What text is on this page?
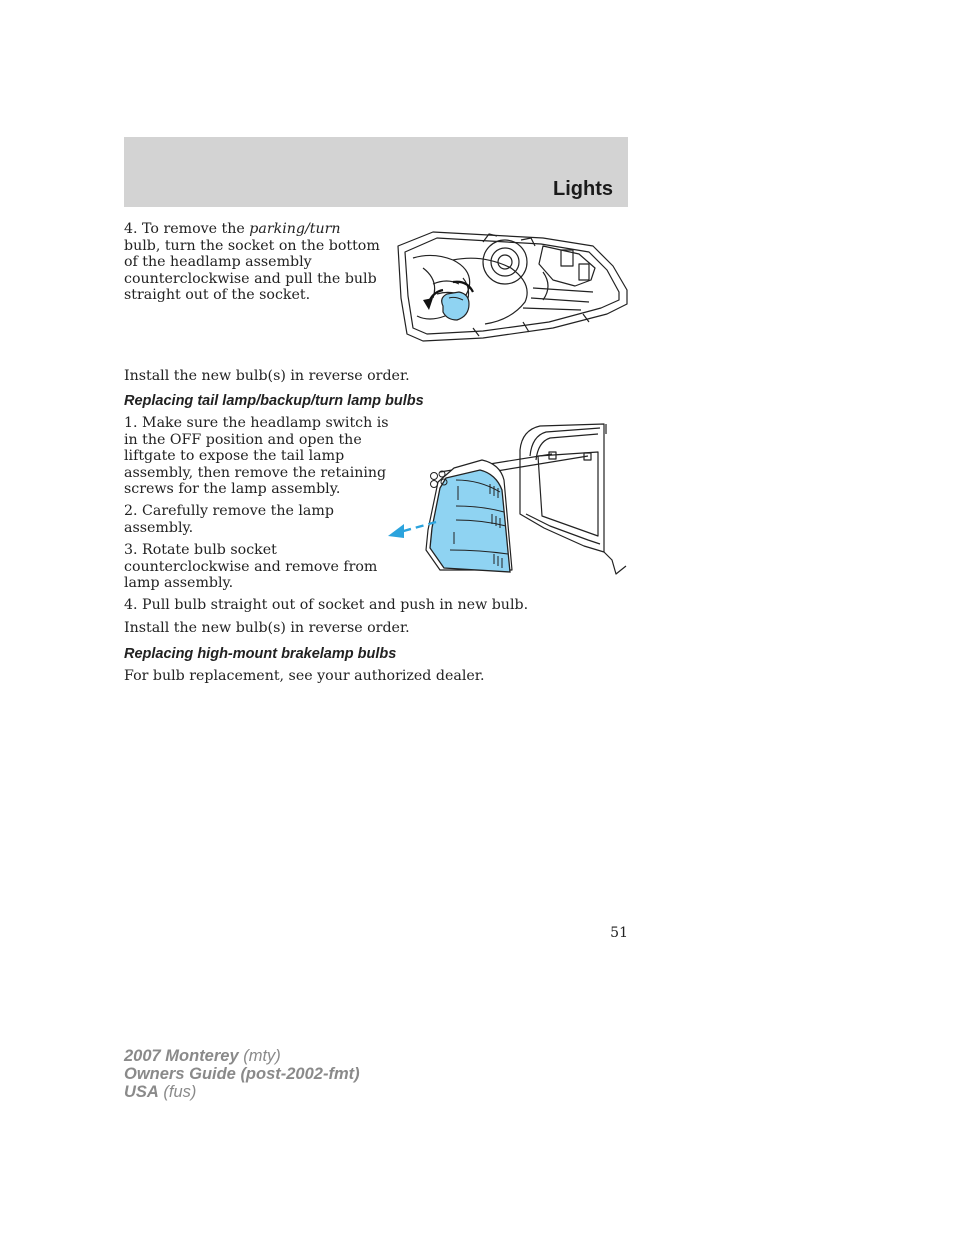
Lights
4. To remove the parking/turn
bulb, turn the socket on the bottom
of the headlamp assembly
counterclockwise and pull the bulb
straight out of the socket.

Install the new bulb(s) in reverse order.

Replacing tail lamp/backup/turn lamp bulbs
1. Make sure the headlamp switch is
in the OFF position and open the
liftgate to expose the tail lamp
assembly, then remove the retaining
screws for the lamp assembly.
2. Carefully remove the lamp
assembly.
3. Rotate bulb socket
counterclockwise and remove from
lamp assembly.

4. Pull bulb straight out of socket and push in new bulb.

Install the new bulb(s) in reverse order.

Replacing high-mount brakelamp bulbs

For bulb replacement, see your authorized dealer.

51
2007 Monterey (mty)
Owners Guide (post-2002-fmt)
USA (fus)
